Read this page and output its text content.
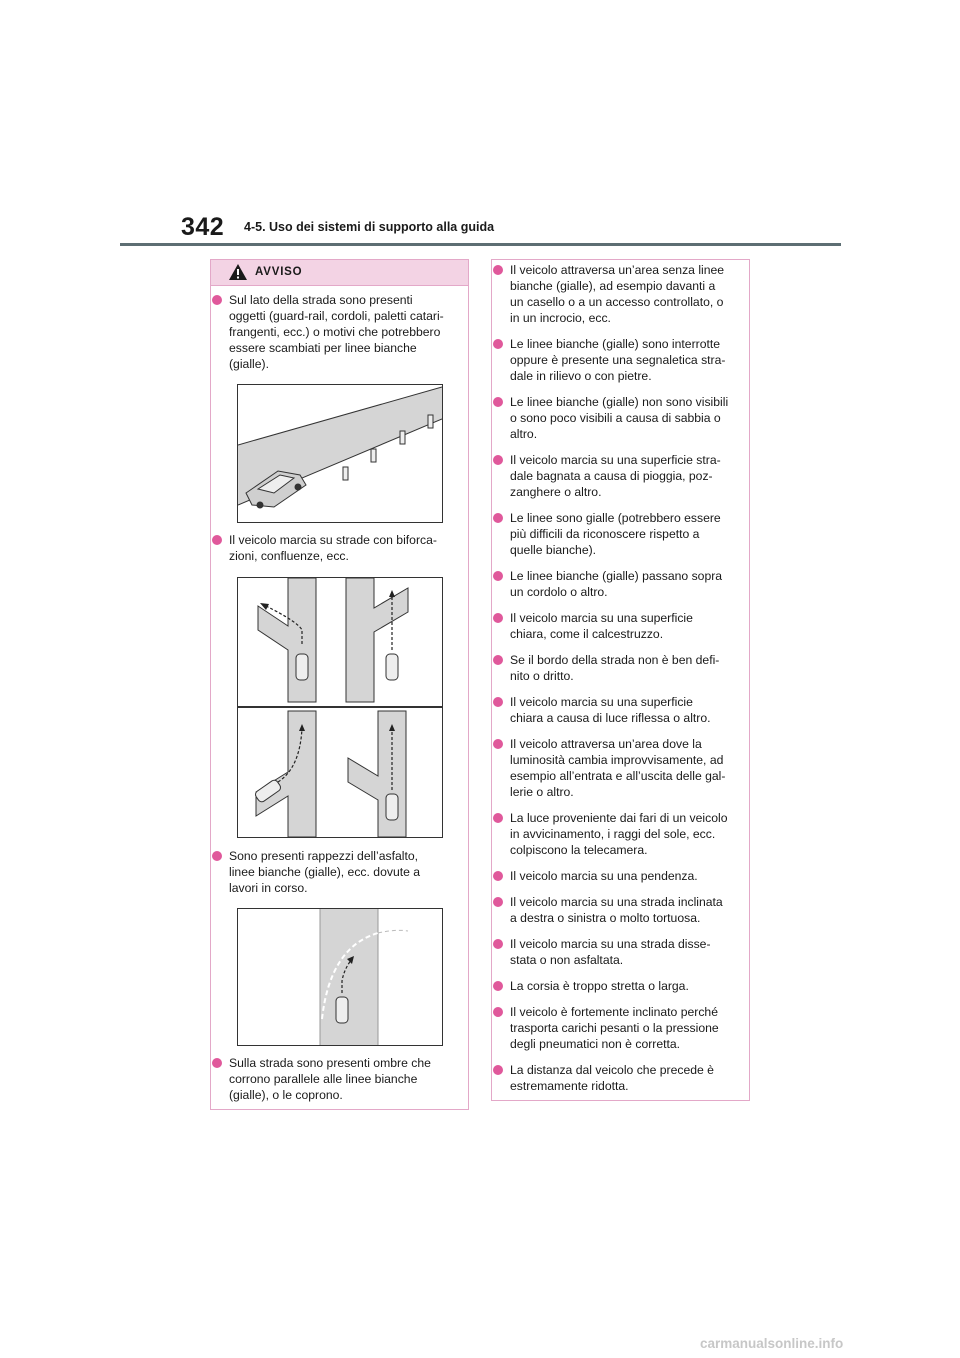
342 4-5. Uso dei sistemi di supporto alla guida
AVVISO
Sul lato della strada sono presenti
oggetti (guard-rail, cordoli, paletti catari-
frangenti, ecc.) o motivi che potrebbero
essere scambiati per linee bianche
(gialle).
Il veicolo marcia su strade con biforca-
zioni, confluenze, ecc.
Sono presenti rappezzi dell’asfalto,
linee bianche (gialle), ecc. dovute a
lavori in corso.
Sulla strada sono presenti ombre che
corrono parallele alle linee bianche
(gialle), o le coprono.
Il veicolo attraversa un’area senza linee
bianche (gialle), ad esempio davanti a
un casello o a un accesso controllato, o
in un incrocio, ecc.
Le linee bianche (gialle) sono interrotte
oppure è presente una segnaletica stra-
dale in rilievo o con pietre.
Le linee bianche (gialle) non sono visibili
o sono poco visibili a causa di sabbia o
altro.
Il veicolo marcia su una superficie stra-
dale bagnata a causa di pioggia, poz-
zanghere o altro.
Le linee sono gialle (potrebbero essere
più difficili da riconoscere rispetto a
quelle bianche).
Le linee bianche (gialle) passano sopra
un cordolo o altro.
Il veicolo marcia su una superficie
chiara, come il calcestruzzo.
Se il bordo della strada non è ben defi-
nito o dritto.
Il veicolo marcia su una superficie
chiara a causa di luce riflessa o altro.
Il veicolo attraversa un’area dove la
luminosità cambia improvvisamente, ad
esempio all’entrata e all’uscita delle gal-
lerie o altro.
La luce proveniente dai fari di un veicolo
in avvicinamento, i raggi del sole, ecc.
colpiscono la telecamera.
Il veicolo marcia su una pendenza.
Il veicolo marcia su una strada inclinata
a destra o sinistra o molto tortuosa.
Il veicolo marcia su una strada disse-
stata o non asfaltata.
La corsia è troppo stretta o larga.
Il veicolo è fortemente inclinato perché
trasporta carichi pesanti o la pressione
degli pneumatici non è corretta.
La distanza dal veicolo che precede è
estremamente ridotta.
carmanualsonline.info
